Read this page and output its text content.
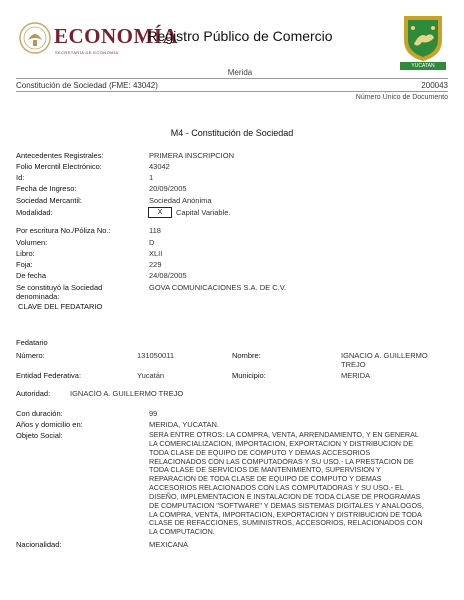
ECONOMÍA
SECRETARÍA DE ECONOMÍA
Registro Público de Comercio
Merida
YUCATAN
Constitución de Sociedad (FME: 43042)	200043
Número Único de Documento
M4 - Constitución de Sociedad
Antecedentes Registrales:	PRIMERA INSCRIPCION
Folio Mercntil Electrónico:	43042
Id:	1
Fecha de Ingreso:	20/09/2005
Sociedad Mercantil:	Sociedad Anónima
Modalidad:	X	Capital Variable.
Por escritura No./Póliza No.:	118
Volumen:	D
Libro:	XLII
Foja:	229
De fecha	24/08/2005
Se constituyó la Sociedad
denominada:
GOVA COMUNICACIONES S.A. DE C.V.
CLAVE DEL FEDATARIO
Fedatario
Número:	131050011	Nombre:	IGNACIO A. GUILLERMO
TREJO
Entidad Federativa:	Yucatán	Municipio:	MERIDA
Autoridad:	IGNACIO A. GUILLERMO TREJO
Con duración:	99
Años y domicilio en:	MERIDA, YUCATAN.
Objeto Social:	SERA ENTRE OTROS: LA COMPRA, VENTA, ARRENDAMIENTO, Y EN GENERAL
LA COMERCIALIZACION, IMPORTACION, EXPORTACION Y DISTRIBUCION DE
TODA CLASE DE EQUIPO DE COMPUTO Y DEMAS ACCESORIOS
RELACIONADOS CON LAS COMPUTADORAS Y SU USO.- LA PRESTACION DE
TODA CLASE DE SERVICIOS DE MANTENIMIENTO, SUPERVISION Y
REPARACION DE TODA CLASE DE EQUIPO DE COMPUTO Y DEMAS
ACCESORIOS RELACIONADOS CON LAS COMPUTADORAS Y SU USO.- EL
DISEÑO, IMPLEMENTACION E INSTALACION DE TODA CLASE DE PROGRAMAS
DE COMPUTACION "SOFTWARE" Y DEMAS SISTEMAS DIGITALES Y ANALOGOS,
LA COMPRA, VENTA, IMPORTACION, EXPORTACION Y DISTRIBUCION DE TODA
CLASE DE REFACCIONES, SUMINISTROS, ACCESORIOS, RELACIONADOS CON
LA COMPUTACION.
Nacionalidad:	MEXICANA
